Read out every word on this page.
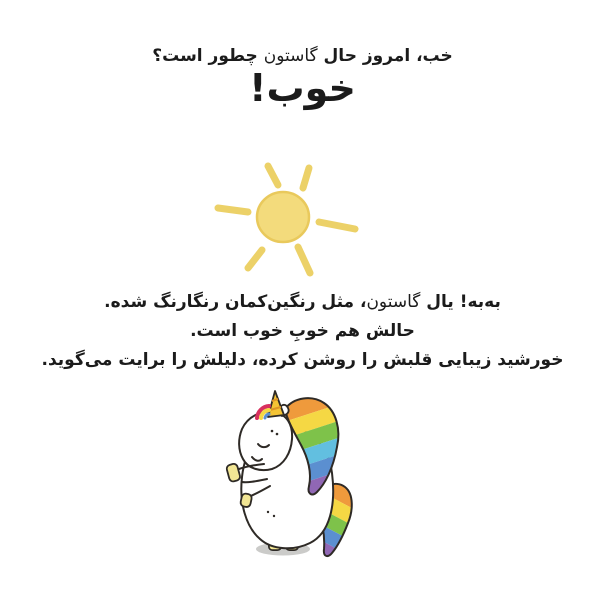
خب، امروز حال گاستون چطور است؟
خوب!
به‌به! یال گاستون، مثل رنگین‌کمان رنگارنگ شده.
حالش هم خوبِ خوب است.
خورشید زیبایی قلبش را روشن کرده، دلیلش را برایت می‌گوید.
